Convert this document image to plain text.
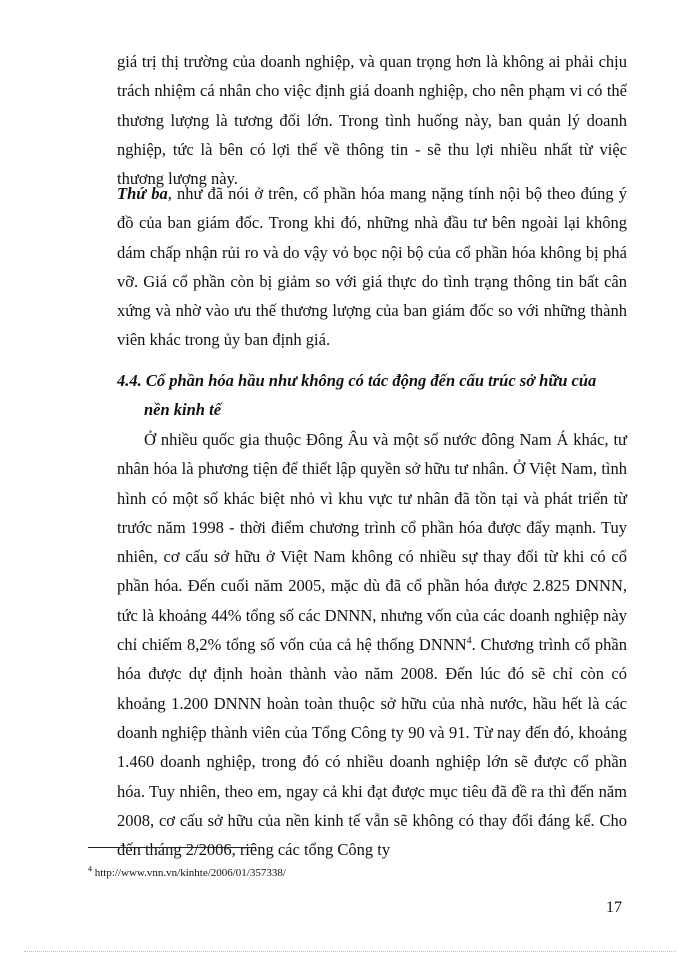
giá trị thị trường của doanh nghiệp, và quan trọng hơn là không ai phải chịu trách nhiệm cá nhân cho việc định giá doanh nghiệp, cho nên phạm vi có thể thương lượng là tương đối lớn. Trong tình huống này, ban quản lý doanh nghiệp, tức là bên có lợi thế về thông tin - sẽ thu lợi nhiều nhất từ việc thương lượng này.

Thứ ba, như đã nói ở trên, cổ phần hóa mang nặng tính nội bộ theo đúng ý đồ của ban giám đốc. Trong khi đó, những nhà đầu tư bên ngoài lại không dám chấp nhận rủi ro và do vậy vỏ bọc nội bộ của cổ phần hóa không bị phá vỡ. Giá cổ phần còn bị giảm so với giá thực do tình trạng thông tin bất cân xứng và nhờ vào ưu thế thương lượng của ban giám đốc so với những thành viên khác trong ủy ban định giá.

4.4. Cổ phần hóa hầu như không có tác động đến cấu trúc sở hữu của
nền kinh tế

Ở nhiều quốc gia thuộc Đông Âu và một số nước đông Nam Á khác, tư nhân hóa là phương tiện để thiết lập quyền sở hữu tư nhân. Ở Việt Nam, tình hình có một số khác biệt nhỏ vì khu vực tư nhân đã tồn tại và phát triển từ trước năm 1998 - thời điểm chương trình cổ phần hóa được đẩy mạnh. Tuy nhiên, cơ cấu sở hữu ở Việt Nam không có nhiều sự thay đổi từ khi có cổ phần hóa. Đến cuối năm 2005, mặc dù đã cổ phần hóa được 2.825 DNNN, tức là khoảng 44% tổng số các DNNN, nhưng vốn của các doanh nghiệp này chỉ chiếm 8,2% tổng số vốn của cả hệ thống DNNN$^4$. Chương trình cổ phần hóa được dự định hoàn thành vào năm 2008. Đến lúc đó sẽ chỉ còn có khoảng 1.200 DNNN hoàn toàn thuộc sở hữu của nhà nước, hầu hết là các doanh nghiệp thành viên của Tổng Công ty 90 và 91. Từ nay đến đó, khoảng 1.460 doanh nghiệp, trong đó có nhiều doanh nghiệp lớn sẽ được cổ phần hóa. Tuy nhiên, theo em, ngay cả khi đạt được mục tiêu đã đề ra thì đến năm 2008, cơ cấu sở hữu của nền kinh tế vẫn sẽ không có thay đổi đáng kể. Cho đến tháng 2/2006, riêng các tổng Công ty

$^4$ http://www.vnn.vn/kinhte/2006/01/357338/
17
